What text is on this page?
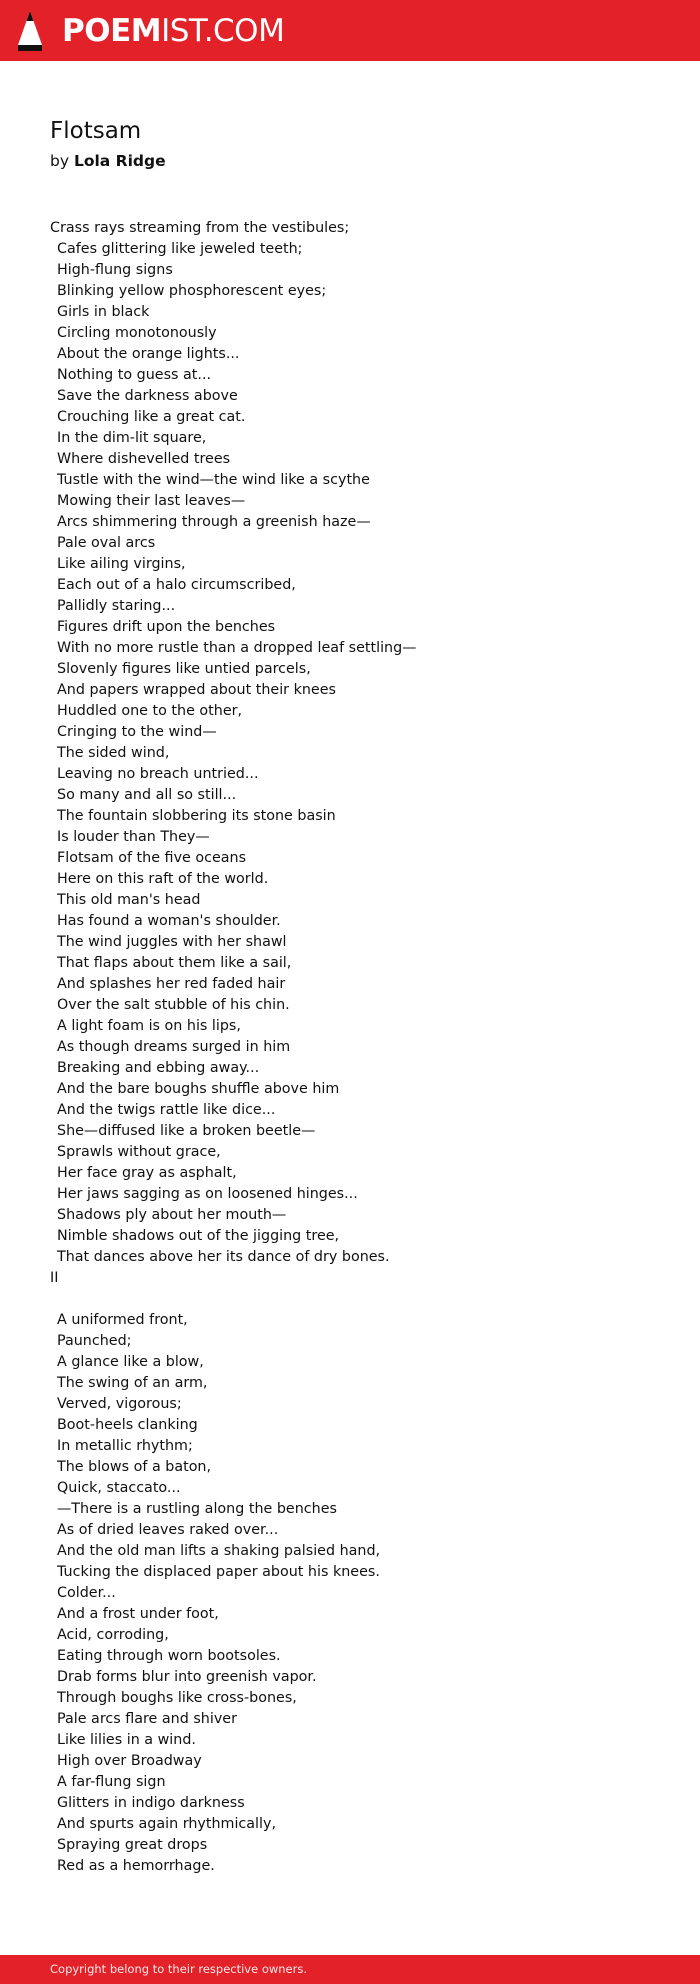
POEMIST.COM
Flotsam

by Lola Ridge

Crass rays streaming from the vestibules;
Cafes glittering like jeweled teeth;
High-flung signs
Blinking yellow phosphorescent eyes;
Girls in black
Circling monotonously
About the orange lights...
Nothing to guess at...
Save the darkness above
Crouching like a great cat.
In the dim-lit square,
Where dishevelled trees
Tustle with the wind—the wind like a scythe
Mowing their last leaves—
Arcs shimmering through a greenish haze—
Pale oval arcs
Like ailing virgins,
Each out of a halo circumscribed,
Pallidly staring...
Figures drift upon the benches
With no more rustle than a dropped leaf settling—
Slovenly figures like untied parcels,
And papers wrapped about their knees
Huddled one to the other,
Cringing to the wind—
The sided wind,
Leaving no breach untried...
So many and all so still...
The fountain slobbering its stone basin
Is louder than They—
Flotsam of the five oceans
Here on this raft of the world.
This old man's head
Has found a woman's shoulder.
The wind juggles with her shawl
That flaps about them like a sail,
And splashes her red faded hair
Over the salt stubble of his chin.
A light foam is on his lips,
As though dreams surged in him
Breaking and ebbing away...
And the bare boughs shuffle above him
And the twigs rattle like dice...
She—diffused like a broken beetle—
Sprawls without grace,
Her face gray as asphalt,
Her jaws sagging as on loosened hinges...
Shadows ply about her mouth—
Nimble shadows out of the jigging tree,
That dances above her its dance of dry bones.
II
A uniformed front,
Paunched;
A glance like a blow,
The swing of an arm,
Verved, vigorous;
Boot-heels clanking
In metallic rhythm;
The blows of a baton,
Quick, staccato...
—There is a rustling along the benches
As of dried leaves raked over...
And the old man lifts a shaking palsied hand,
Tucking the displaced paper about his knees.
Colder...
And a frost under foot,
Acid, corroding,
Eating through worn bootsoles.
Drab forms blur into greenish vapor.
Through boughs like cross-bones,
Pale arcs flare and shiver
Like lilies in a wind.
High over Broadway
A far-flung sign
Glitters in indigo darkness
And spurts again rhythmically,
Spraying great drops
Red as a hemorrhage.
Copyright belong to their respective owners.
